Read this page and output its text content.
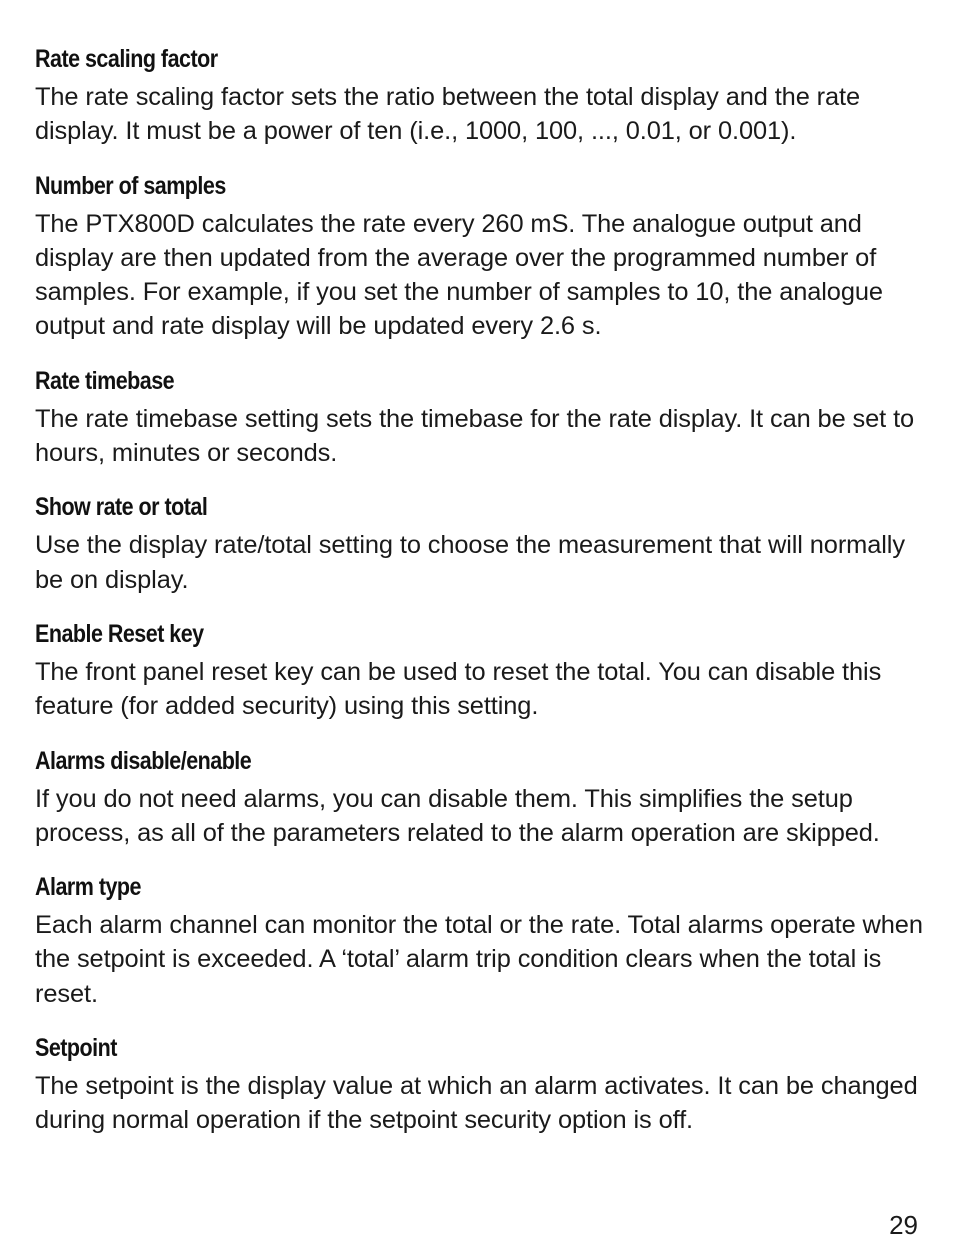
Rate scaling factor

The rate scaling factor sets the ratio between the total display and the rate display. It must be a power of ten (i.e., 1000, 100, ..., 0.01, or 0.001).

Number of samples

The PTX800D calculates the rate every 260 mS. The analogue output and display are then updated from the average over the programmed number of samples. For example, if you set the number of samples to 10, the analogue output and rate display will be updated every 2.6 s.

Rate timebase

The rate timebase setting sets the timebase for the rate display. It can be set to hours, minutes or seconds.

Show rate or total

Use the display rate/total setting to choose the measurement that will normally be on display.

Enable Reset key

The front panel reset key can be used to reset the total. You can disable this feature (for added security) using this setting.

Alarms disable/enable

If you do not need alarms, you can disable them. This simplifies the setup process, as all of the parameters related to the alarm operation are skipped.

Alarm type

Each alarm channel can monitor the total or the rate. Total alarms operate when the setpoint is exceeded. A ‘total’ alarm trip condition clears when the total is reset.

Setpoint

The setpoint is the display value at which an alarm activates. It can be changed during normal operation if the setpoint security option is off.

29
